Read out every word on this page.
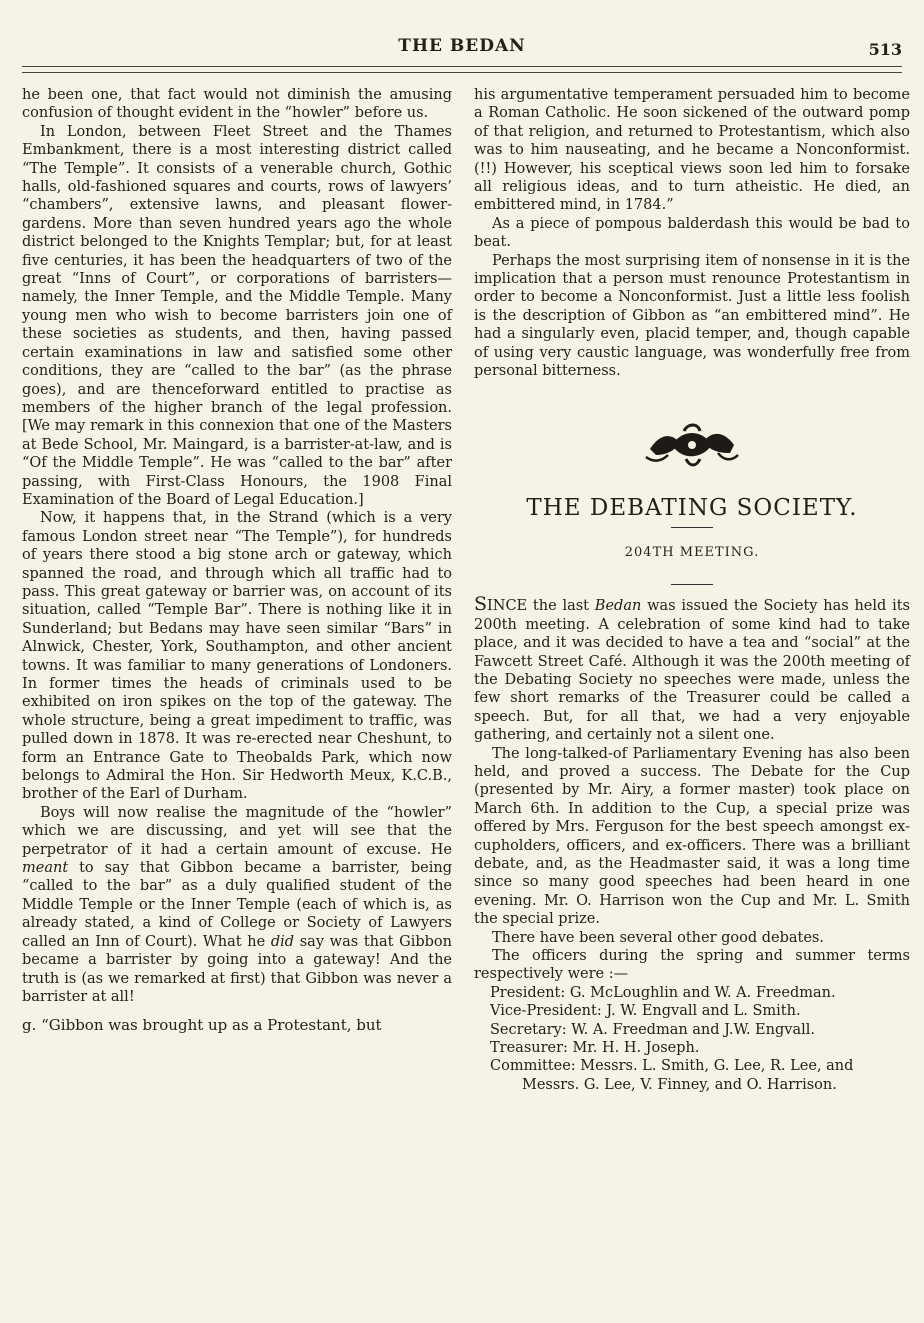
THE BEDAN	513

he been one, that fact would not diminish the amusing confusion of thought evident in the “howler” before us.

In London, between Fleet Street and the Thames Embankment, there is a most interesting district called “The Temple”. It consists of a venerable church, Gothic halls, old-fashioned squares and courts, rows of lawyers’ “chambers”, extensive lawns, and pleasant flower-gardens. More than seven hundred years ago the whole district belonged to the Knights Templar; but, for at least five centuries, it has been the headquarters of two of the great “Inns of Court”, or corporations of barristers—namely, the Inner Temple, and the Middle Temple. Many young men who wish to become barristers join one of these societies as students, and then, having passed certain examinations in law and satisfied some other conditions, they are “called to the bar” (as the phrase goes), and are thenceforward entitled to practise as members of the higher branch of the legal profession. [We may remark in this connexion that one of the Masters at Bede School, Mr. Maingard, is a barrister-at-law, and is “Of the Middle Temple”. He was “called to the bar” after passing, with First-Class Honours, the 1908 Final Examination of the Board of Legal Education.]

Now, it happens that, in the Strand (which is a very famous London street near “The Temple”), for hundreds of years there stood a big stone arch or gateway, which spanned the road, and through which all traffic had to pass. This great gateway or barrier was, on account of its situation, called “Temple Bar”. There is nothing like it in Sunderland; but Bedans may have seen similar “Bars” in Alnwick, Chester, York, Southampton, and other ancient towns. It was familiar to many generations of Londoners. In former times the heads of criminals used to be exhibited on iron spikes on the top of the gateway. The whole structure, being a great impediment to traffic, was pulled down in 1878. It was re-erected near Cheshunt, to form an Entrance Gate to Theobalds Park, which now belongs to Admiral the Hon. Sir Hedworth Meux, K.C.B., brother of the Earl of Durham.

Boys will now realise the magnitude of the “howler” which we are discussing, and yet will see that the perpetrator of it had a certain amount of excuse. He meant to say that Gibbon became a barrister, being “called to the bar” as a duly qualified student of the Middle Temple or the Inner Temple (each of which is, as already stated, a kind of College or Society of Lawyers called an Inn of Court). What he did say was that Gibbon became a barrister by going into a gateway! And the truth is (as we remarked at first) that Gibbon was never a barrister at all!

g. “Gibbon was brought up as a Protestant, but

his argumentative temperament persuaded him to become a Roman Catholic. He soon sickened of the outward pomp of that religion, and returned to Protestantism, which also was to him nauseating, and he became a Nonconformist. (!!) However, his sceptical views soon led him to forsake all religious ideas, and to turn atheistic. He died, an embittered mind, in 1784.”

As a piece of pompous balderdash this would be bad to beat.

Perhaps the most surprising item of nonsense in it is the implication that a person must renounce Protestantism in order to become a Nonconformist. Just a little less foolish is the description of Gibbon as “an embittered mind”. He had a singularly even, placid temper, and, though capable of using very caustic language, was wonderfully free from personal bitterness.

THE DEBATING SOCIETY.
204TH MEETING.

SINCE the last Bedan was issued the Society has held its 200th meeting. A celebration of some kind had to take place, and it was decided to have a tea and “social” at the Fawcett Street Café. Although it was the 200th meeting of the Debating Society no speeches were made, unless the few short remarks of the Treasurer could be called a speech. But, for all that, we had a very enjoyable gathering, and certainly not a silent one.

The long-talked-of Parliamentary Evening has also been held, and proved a success. The Debate for the Cup (presented by Mr. Airy, a former master) took place on March 6th. In addition to the Cup, a special prize was offered by Mrs. Ferguson for the best speech amongst ex-cupholders, officers, and ex-officers. There was a brilliant debate, and, as the Headmaster said, it was a long time since so many good speeches had been heard in one evening. Mr. O. Harrison won the Cup and Mr. L. Smith the special prize.

There have been several other good debates.

The officers during the spring and summer terms respectively were :—

President: G. McLoughlin and W. A. Freedman.
Vice-President: J. W. Engvall and L. Smith.
Secretary: W. A. Freedman and J.W. Engvall.
Treasurer: Mr. H. H. Joseph.
Committee: Messrs. L. Smith, G. Lee, R. Lee, and Messrs. G. Lee, V. Finney, and O. Harrison.
